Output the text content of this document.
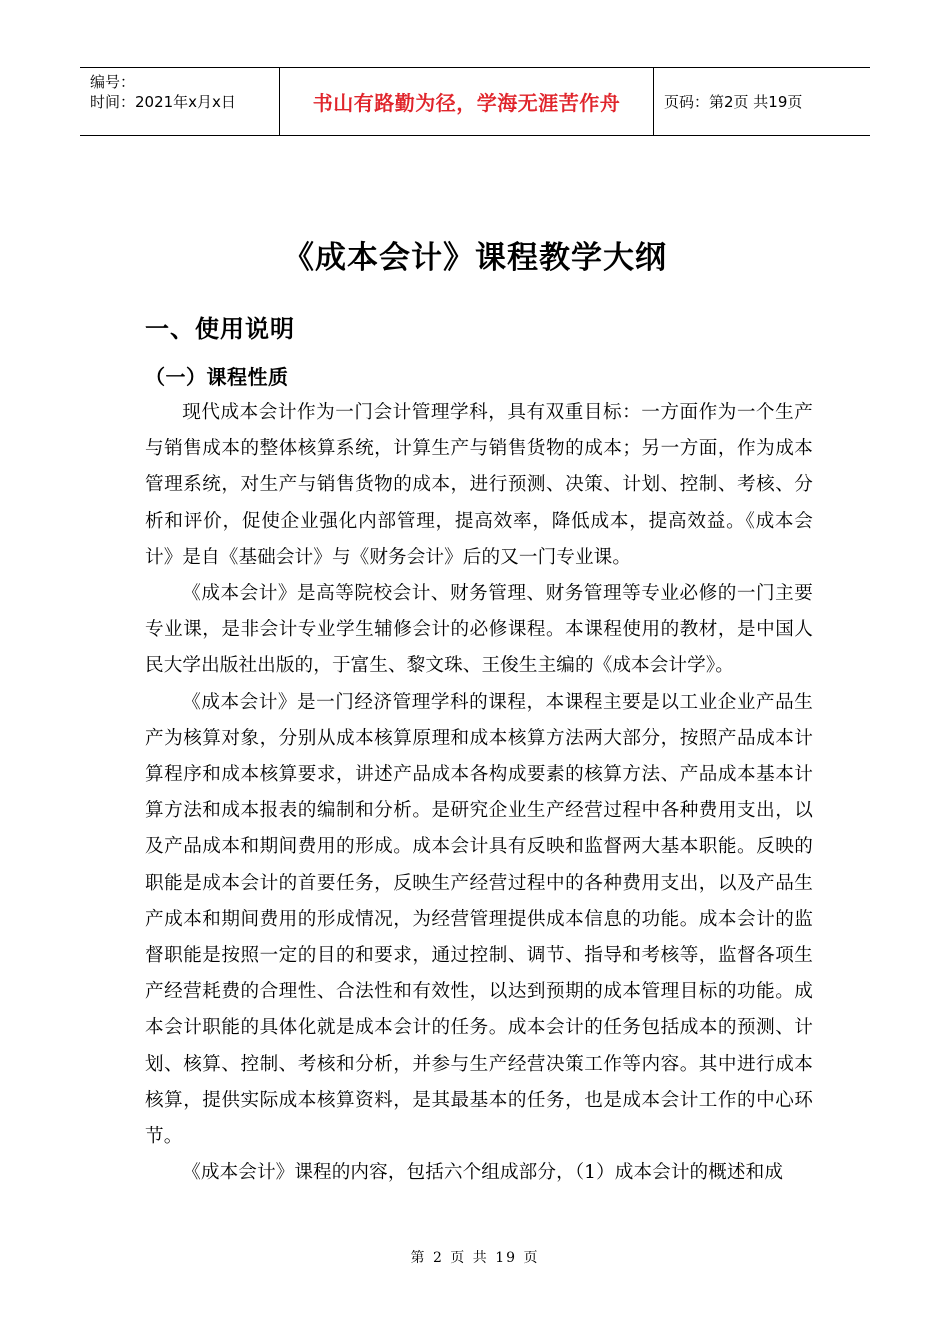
编号：
时间：2021年x月x日	书山有路勤为径，学海无涯苦作舟	页码：第2页 共19页
《成本会计》课程教学大纲
一、使用说明
（一）课程性质

现代成本会计作为一门会计管理学科，具有双重目标：一方面作为一个生产与销售成本的整体核算系统，计算生产与销售货物的成本；另一方面，作为成本管理系统，对生产与销售货物的成本，进行预测、决策、计划、控制、考核、分析和评价，促使企业强化内部管理，提高效率，降低成本，提高效益。《成本会计》是自《基础会计》与《财务会计》后的又一门专业课。

《成本会计》是高等院校会计、财务管理、财务管理等专业必修的一门主要专业课，是非会计专业学生辅修会计的必修课程。本课程使用的教材，是中国人民大学出版社出版的，于富生、黎文珠、王俊生主编的《成本会计学》。

《成本会计》是一门经济管理学科的课程，本课程主要是以工业企业产品生产为核算对象，分别从成本核算原理和成本核算方法两大部分，按照产品成本计算程序和成本核算要求，讲述产品成本各构成要素的核算方法、产品成本基本计算方法和成本报表的编制和分析。是研究企业生产经营过程中各种费用支出，以及产品成本和期间费用的形成。成本会计具有反映和监督两大基本职能。反映的职能是成本会计的首要任务，反映生产经营过程中的各种费用支出，以及产品生产成本和期间费用的形成情况，为经营管理提供成本信息的功能。成本会计的监督职能是按照一定的目的和要求，通过控制、调节、指导和考核等，监督各项生产经营耗费的合理性、合法性和有效性，以达到预期的成本管理目标的功能。成本会计职能的具体化就是成本会计的任务。成本会计的任务包括成本的预测、计划、核算、控制、考核和分析，并参与生产经营决策工作等内容。其中进行成本核算，提供实际成本核算资料，是其最基本的任务，也是成本会计工作的中心环节。

《成本会计》课程的内容，包括六个组成部分，（1）成本会计的概述和成

第 2 页 共 19 页
